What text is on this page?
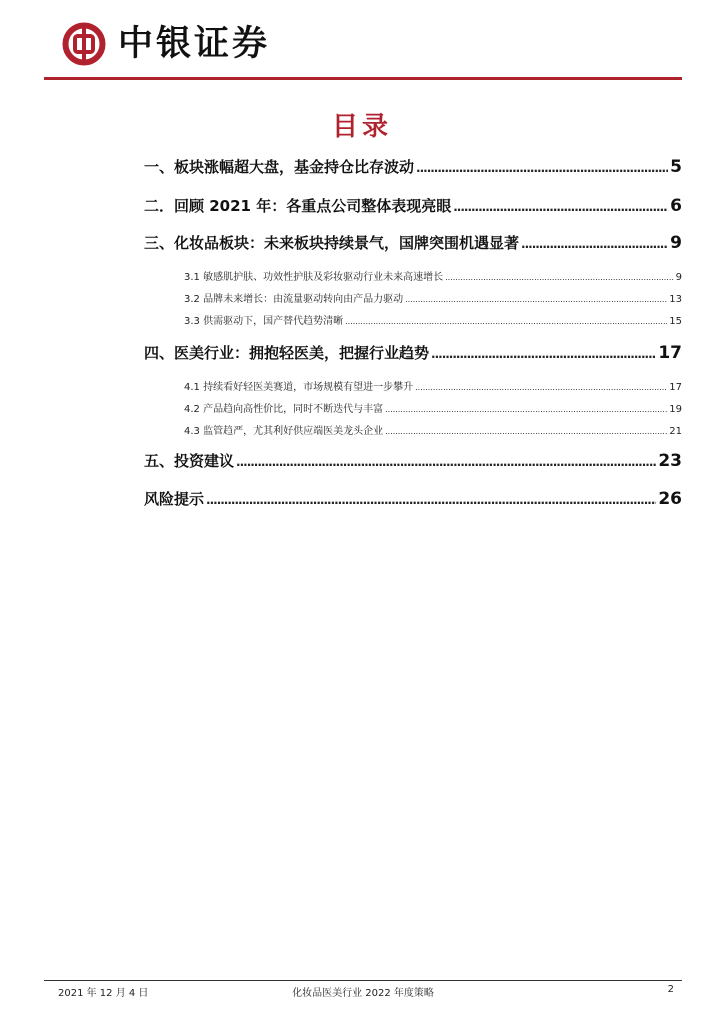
中银证券
目录
一、板块涨幅超大盘，基金持仓比存波动 .....	5
二．回顾 2021 年：各重点公司整体表现亮眼 .....	6
三、化妆品板块：未来板块持续景气，国牌突围机遇显著 .....	9
3.1 敏感肌护肤、功效性护肤及彩妆驱动行业未来高速增长 .....	9
3.2 品牌未来增长：由流量驱动转向由产品力驱动 .....	13
3.3 供需驱动下，国产替代趋势清晰 .....	15
四、医美行业：拥抱轻医美，把握行业趋势 .....	17
4.1 持续看好轻医美赛道，市场规模有望进一步攀升 .....	17
4.2 产品趋向高性价比，同时不断迭代与丰富 .....	19
4.3 监管趋严，尤其利好供应端医美龙头企业 .....	21
五、投资建议 .....	23
风险提示 .....	26
2021 年 12 月 4 日	化妆品医美行业 2022 年度策略	2
